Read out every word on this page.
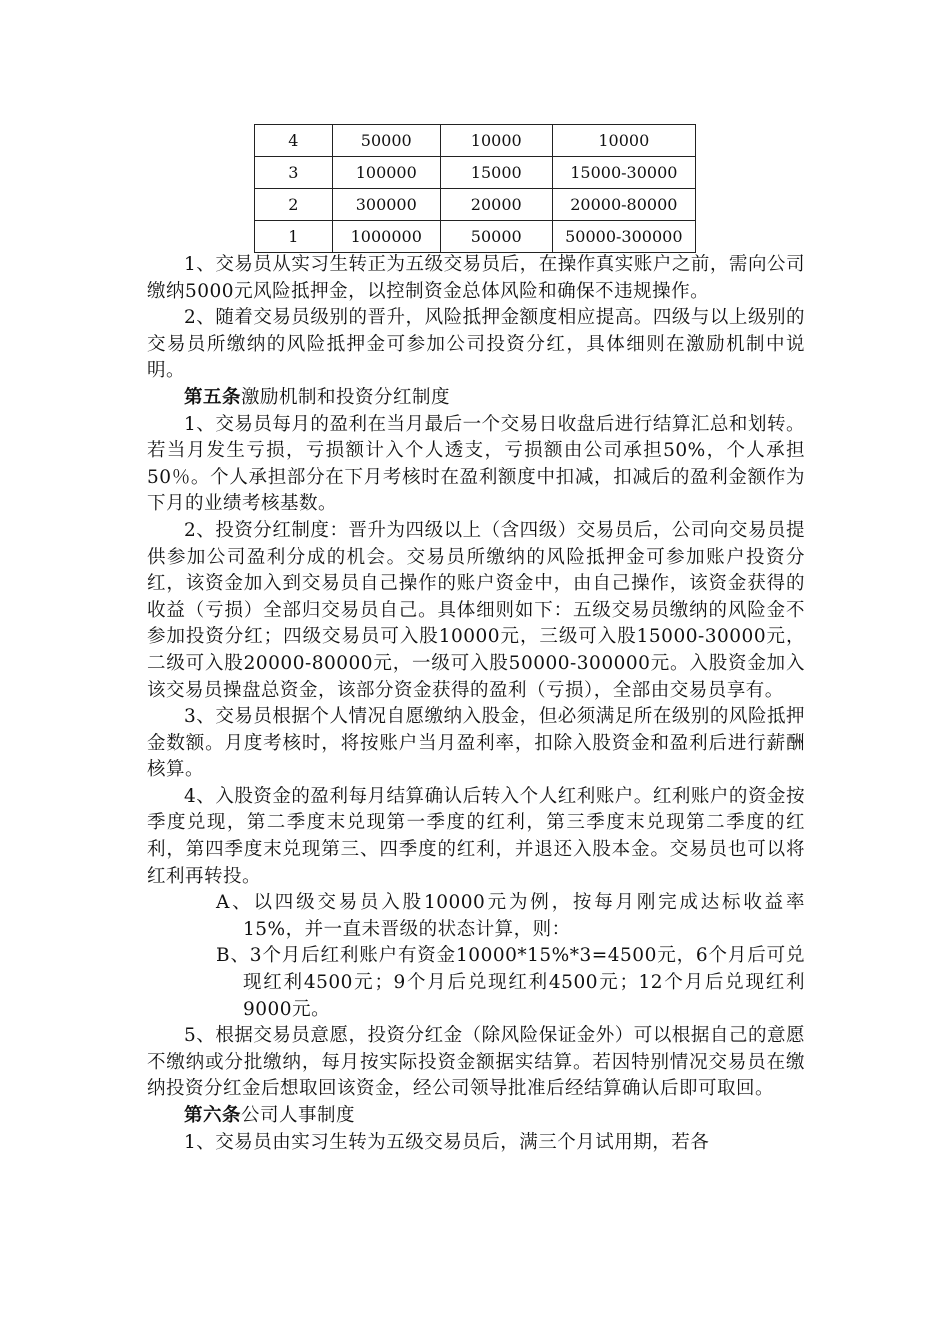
4	50000	10000	10000
3	100000	15000	15000-30000
2	300000	20000	20000-80000
1	1000000	50000	50000-300000

1、交易员从实习生转正为五级交易员后，在操作真实账户之前，需向公司缴纳5000元风险抵押金，以控制资金总体风险和确保不违规操作。

2、随着交易员级别的晋升，风险抵押金额度相应提高。四级与以上级别的交易员所缴纳的风险抵押金可参加公司投资分红，具体细则在激励机制中说明。

第五条激励机制和投资分红制度

1、交易员每月的盈利在当月最后一个交易日收盘后进行结算汇总和划转。若当月发生亏损，亏损额计入个人透支，亏损额由公司承担50%，个人承担50％。个人承担部分在下月考核时在盈利额度中扣减，扣减后的盈利金额作为下月的业绩考核基数。

2、投资分红制度：晋升为四级以上（含四级）交易员后，公司向交易员提供参加公司盈利分成的机会。交易员所缴纳的风险抵押金可参加账户投资分红，该资金加入到交易员自己操作的账户资金中，由自己操作，该资金获得的收益（亏损）全部归交易员自己。具体细则如下：五级交易员缴纳的风险金不参加投资分红；四级交易员可入股10000元，三级可入股15000-30000元，二级可入股20000-80000元，一级可入股50000-300000元。入股资金加入该交易员操盘总资金，该部分资金获得的盈利（亏损），全部由交易员享有。

3、交易员根据个人情况自愿缴纳入股金，但必须满足所在级别的风险抵押金数额。月度考核时，将按账户当月盈利率，扣除入股资金和盈利后进行薪酬核算。

4、入股资金的盈利每月结算确认后转入个人红利账户。红利账户的资金按季度兑现，第二季度末兑现第一季度的红利，第三季度末兑现第二季度的红利，第四季度末兑现第三、四季度的红利，并退还入股本金。交易员也可以将红利再转投。

A、以四级交易员入股10000元为例，按每月刚完成达标收益率15%，并一直未晋级的状态计算，则：

B、3个月后红利账户有资金10000*15%*3=4500元，6个月后可兑现红利4500元；9个月后兑现红利4500元；12个月后兑现红利9000元。

5、根据交易员意愿，投资分红金（除风险保证金外）可以根据自己的意愿不缴纳或分批缴纳，每月按实际投资金额据实结算。若因特别情况交易员在缴纳投资分红金后想取回该资金，经公司领导批准后经结算确认后即可取回。

第六条公司人事制度

1、交易员由实习生转为五级交易员后，满三个月试用期，若各
